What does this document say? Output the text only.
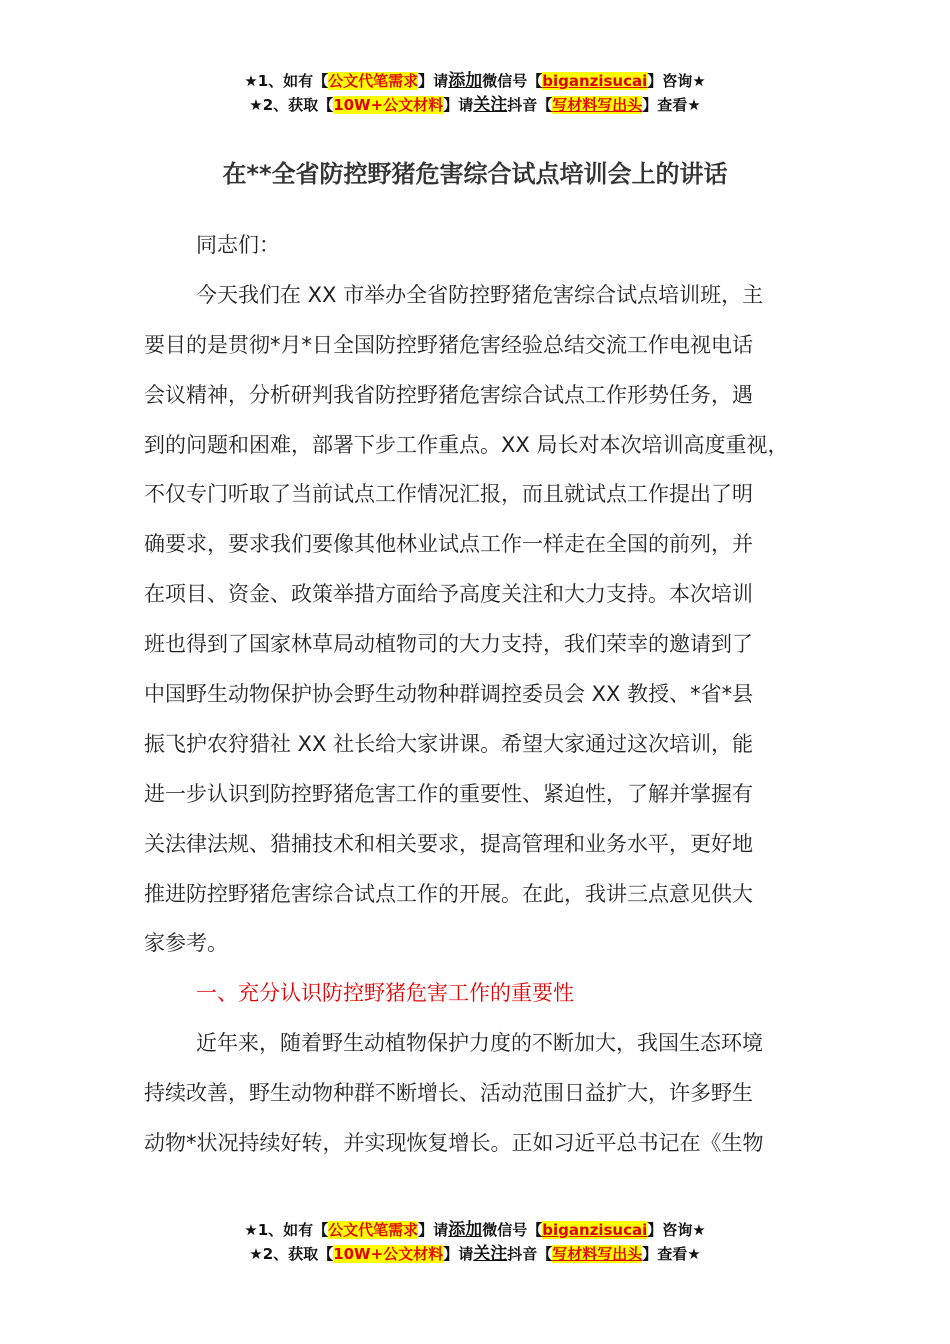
★1、如有【公文代笔需求】请添加微信号【biganzisucai】咨询★
★2、获取【10W+公文材料】请关注抖音【写材料写出头】查看★
在**全省防控野猪危害综合试点培训会上的讲话
同志们：
今天我们在 XX 市举办全省防控野猪危害综合试点培训班，主
要目的是贯彻*月*日全国防控野猪危害经验总结交流工作电视电话
会议精神，分析研判我省防控野猪危害综合试点工作形势任务，遇
到的问题和困难，部署下步工作重点。XX 局长对本次培训高度重视，
不仅专门听取了当前试点工作情况汇报，而且就试点工作提出了明
确要求，要求我们要像其他林业试点工作一样走在全国的前列，并
在项目、资金、政策举措方面给予高度关注和大力支持。本次培训
班也得到了国家林草局动植物司的大力支持，我们荣幸的邀请到了
中国野生动物保护协会野生动物种群调控委员会 XX 教授、*省*县
振飞护农狩猎社 XX 社长给大家讲课。希望大家通过这次培训，能
进一步认识到防控野猪危害工作的重要性、紧迫性，了解并掌握有
关法律法规、猎捕技术和相关要求，提高管理和业务水平，更好地
推进防控野猪危害综合试点工作的开展。在此，我讲三点意见供大
家参考。
一、充分认识防控野猪危害工作的重要性
近年来，随着野生动植物保护力度的不断加大，我国生态环境
持续改善，野生动物种群不断增长、活动范围日益扩大，许多野生
动物*状况持续好转，并实现恢复增长。正如习近平总书记在《生物
★1、如有【公文代笔需求】请添加微信号【biganzisucai】咨询★
★2、获取【10W+公文材料】请关注抖音【写材料写出头】查看★
